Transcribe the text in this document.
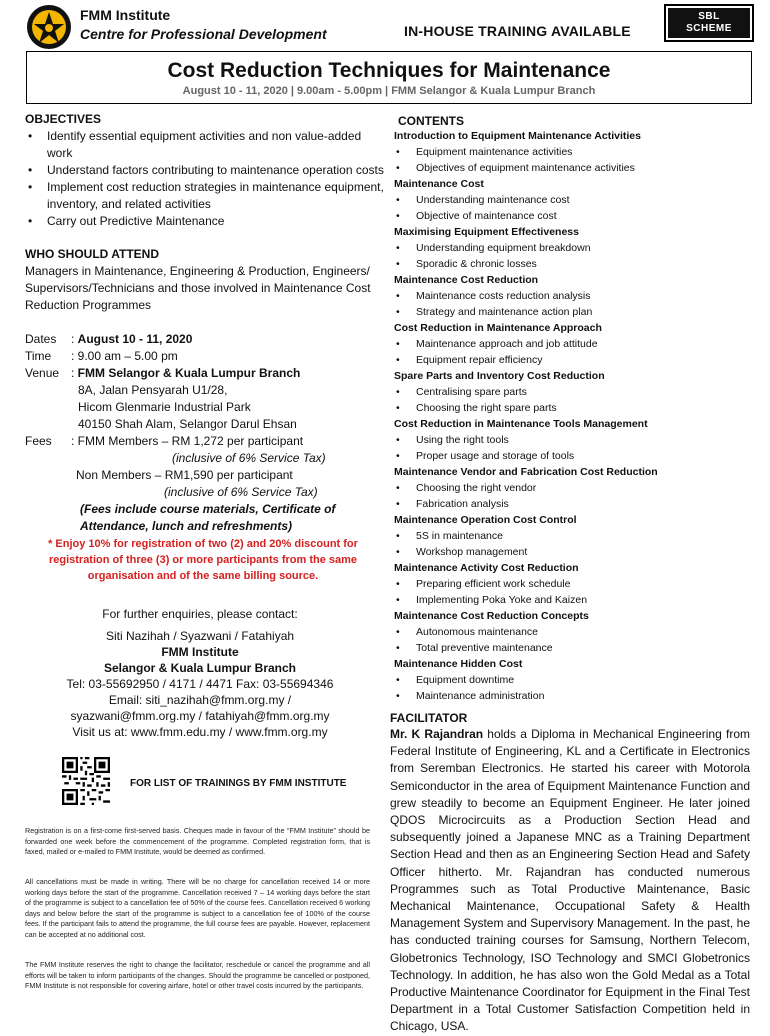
FMM Institute
Centre for Professional Development	IN-HOUSE TRAINING AVAILABLE
SBL
SCHEME
Cost Reduction Techniques for Maintenance
August 10 - 11, 2020 | 9.00am - 5.00pm | FMM Selangor & Kuala Lumpur Branch
OBJECTIVES
• Identify essential equipment activities and non value-added work
• Understand factors contributing to maintenance operation costs
• Implement cost reduction strategies in maintenance equipment, inventory, and related activities
• Carry out Predictive Maintenance
WHO SHOULD ATTEND

Managers in Maintenance, Engineering & Production, Engineers/ Supervisors/Technicians and those involved in Maintenance Cost Reduction Programmes

Dates : August 10 - 11, 2020
Time : 9.00 am – 5.00 pm
Venue : FMM Selangor & Kuala Lumpur Branch
8A, Jalan Pensyarah U1/28,
Hicom Glenmarie Industrial Park
40150 Shah Alam, Selangor Darul Ehsan
Fees : FMM Members – RM 1,272 per participant
(inclusive of 6% Service Tax)
Non Members – RM1,590 per participant
(inclusive of 6% Service Tax)
(Fees include course materials, Certificate of Attendance, lunch and refreshments)
* Enjoy 10% for registration of two (2) and 20% discount for registration of three (3) or more participants from the same organisation and of the same billing source.
For further enquiries, please contact:
Siti Nazihah / Syazwani / Fatahiyah
FMM Institute
Selangor & Kuala Lumpur Branch
Tel: 03-55692950 / 4171 / 4471 Fax: 03-55694346
Email: siti_nazihah@fmm.org.my / syazwani@fmm.org.my / fatahiyah@fmm.org.my
Visit us at: www.fmm.edu.my / www.fmm.org.my
FOR LIST OF TRAININGS BY FMM INSTITUTE
Registration is on a first-come first-served basis. Cheques made in favour of the “FMM Institute” should be forwarded one week before the commencement of the programme. Completed registration form, that is faxed, mailed or e-mailed to FMM Institute, would be deemed as confirmed.
All cancellations must be made in writing. There will be no charge for cancellation received 14 or more working days before the start of the programme. Cancellation received 7 – 14 working days before the start of the programme is subject to a cancellation fee of 50% of the course fees. Cancellation received 6 working days and below before the start of the programme is subject to a cancellation fee of 100% of the course fees. If the participant fails to attend the programme, the full course fees are payable. However, replacement can be accepted at no additional cost.
The FMM Institute reserves the right to change the facilitator, reschedule or cancel the programme and all efforts will be taken to inform participants of the changes. Should the programme be cancelled or postponed, FMM Institute is not responsible for covering airfare, hotel or other travel costs incurred by the participants.
CONTENTS
Introduction to Equipment Maintenance Activities
• Equipment maintenance activities
• Objectives of equipment maintenance activities
Maintenance Cost
• Understanding maintenance cost
• Objective of maintenance cost
Maximising Equipment Effectiveness
• Understanding equipment breakdown
• Sporadic & chronic losses
Maintenance Cost Reduction
• Maintenance costs reduction analysis
• Strategy and maintenance action plan
Cost Reduction in Maintenance Approach
• Maintenance approach and job attitude
• Equipment repair efficiency
Spare Parts and Inventory Cost Reduction
• Centralising spare parts
• Choosing the right spare parts
Cost Reduction in Maintenance Tools Management
• Using the right tools
• Proper usage and storage of tools
Maintenance Vendor and Fabrication Cost Reduction
• Choosing the right vendor
• Fabrication analysis
Maintenance Operation Cost Control
• 5S in maintenance
• Workshop management
Maintenance Activity Cost Reduction
• Preparing efficient work schedule
• Implementing Poka Yoke and Kaizen
Maintenance Cost Reduction Concepts
• Autonomous maintenance
• Total preventive maintenance
Maintenance Hidden Cost
• Equipment downtime
• Maintenance administration
FACILITATOR

Mr. K Rajandran holds a Diploma in Mechanical Engineering from Federal Institute of Engineering, KL and a Certificate in Electronics from Seremban Electronics. He started his career with Motorola Semiconductor in the area of Equipment Maintenance Function and grew steadily to become an Equipment Engineer. He later joined QDOS Microcircuits as a Production Section Head and subsequently joined a Japanese MNC as a Training Department Section Head and then as an Engineering Section Head and Safety Officer hitherto. Mr. Rajandran has conducted numerous Programmes such as Total Productive Maintenance, Basic Mechanical Maintenance, Occupational Safety & Health Management System and Supervisory Management. In the past, he has conducted training courses for Samsung, Northern Telecom, Globetronics Technology, ISO Technology and SMCI Globetronics Technology. In addition, he has also won the Gold Medal as a Total Productive Maintenance Coordinator for Equipment in the Final Test Department in a Total Customer Satisfaction Competition held in Chicago, USA.
